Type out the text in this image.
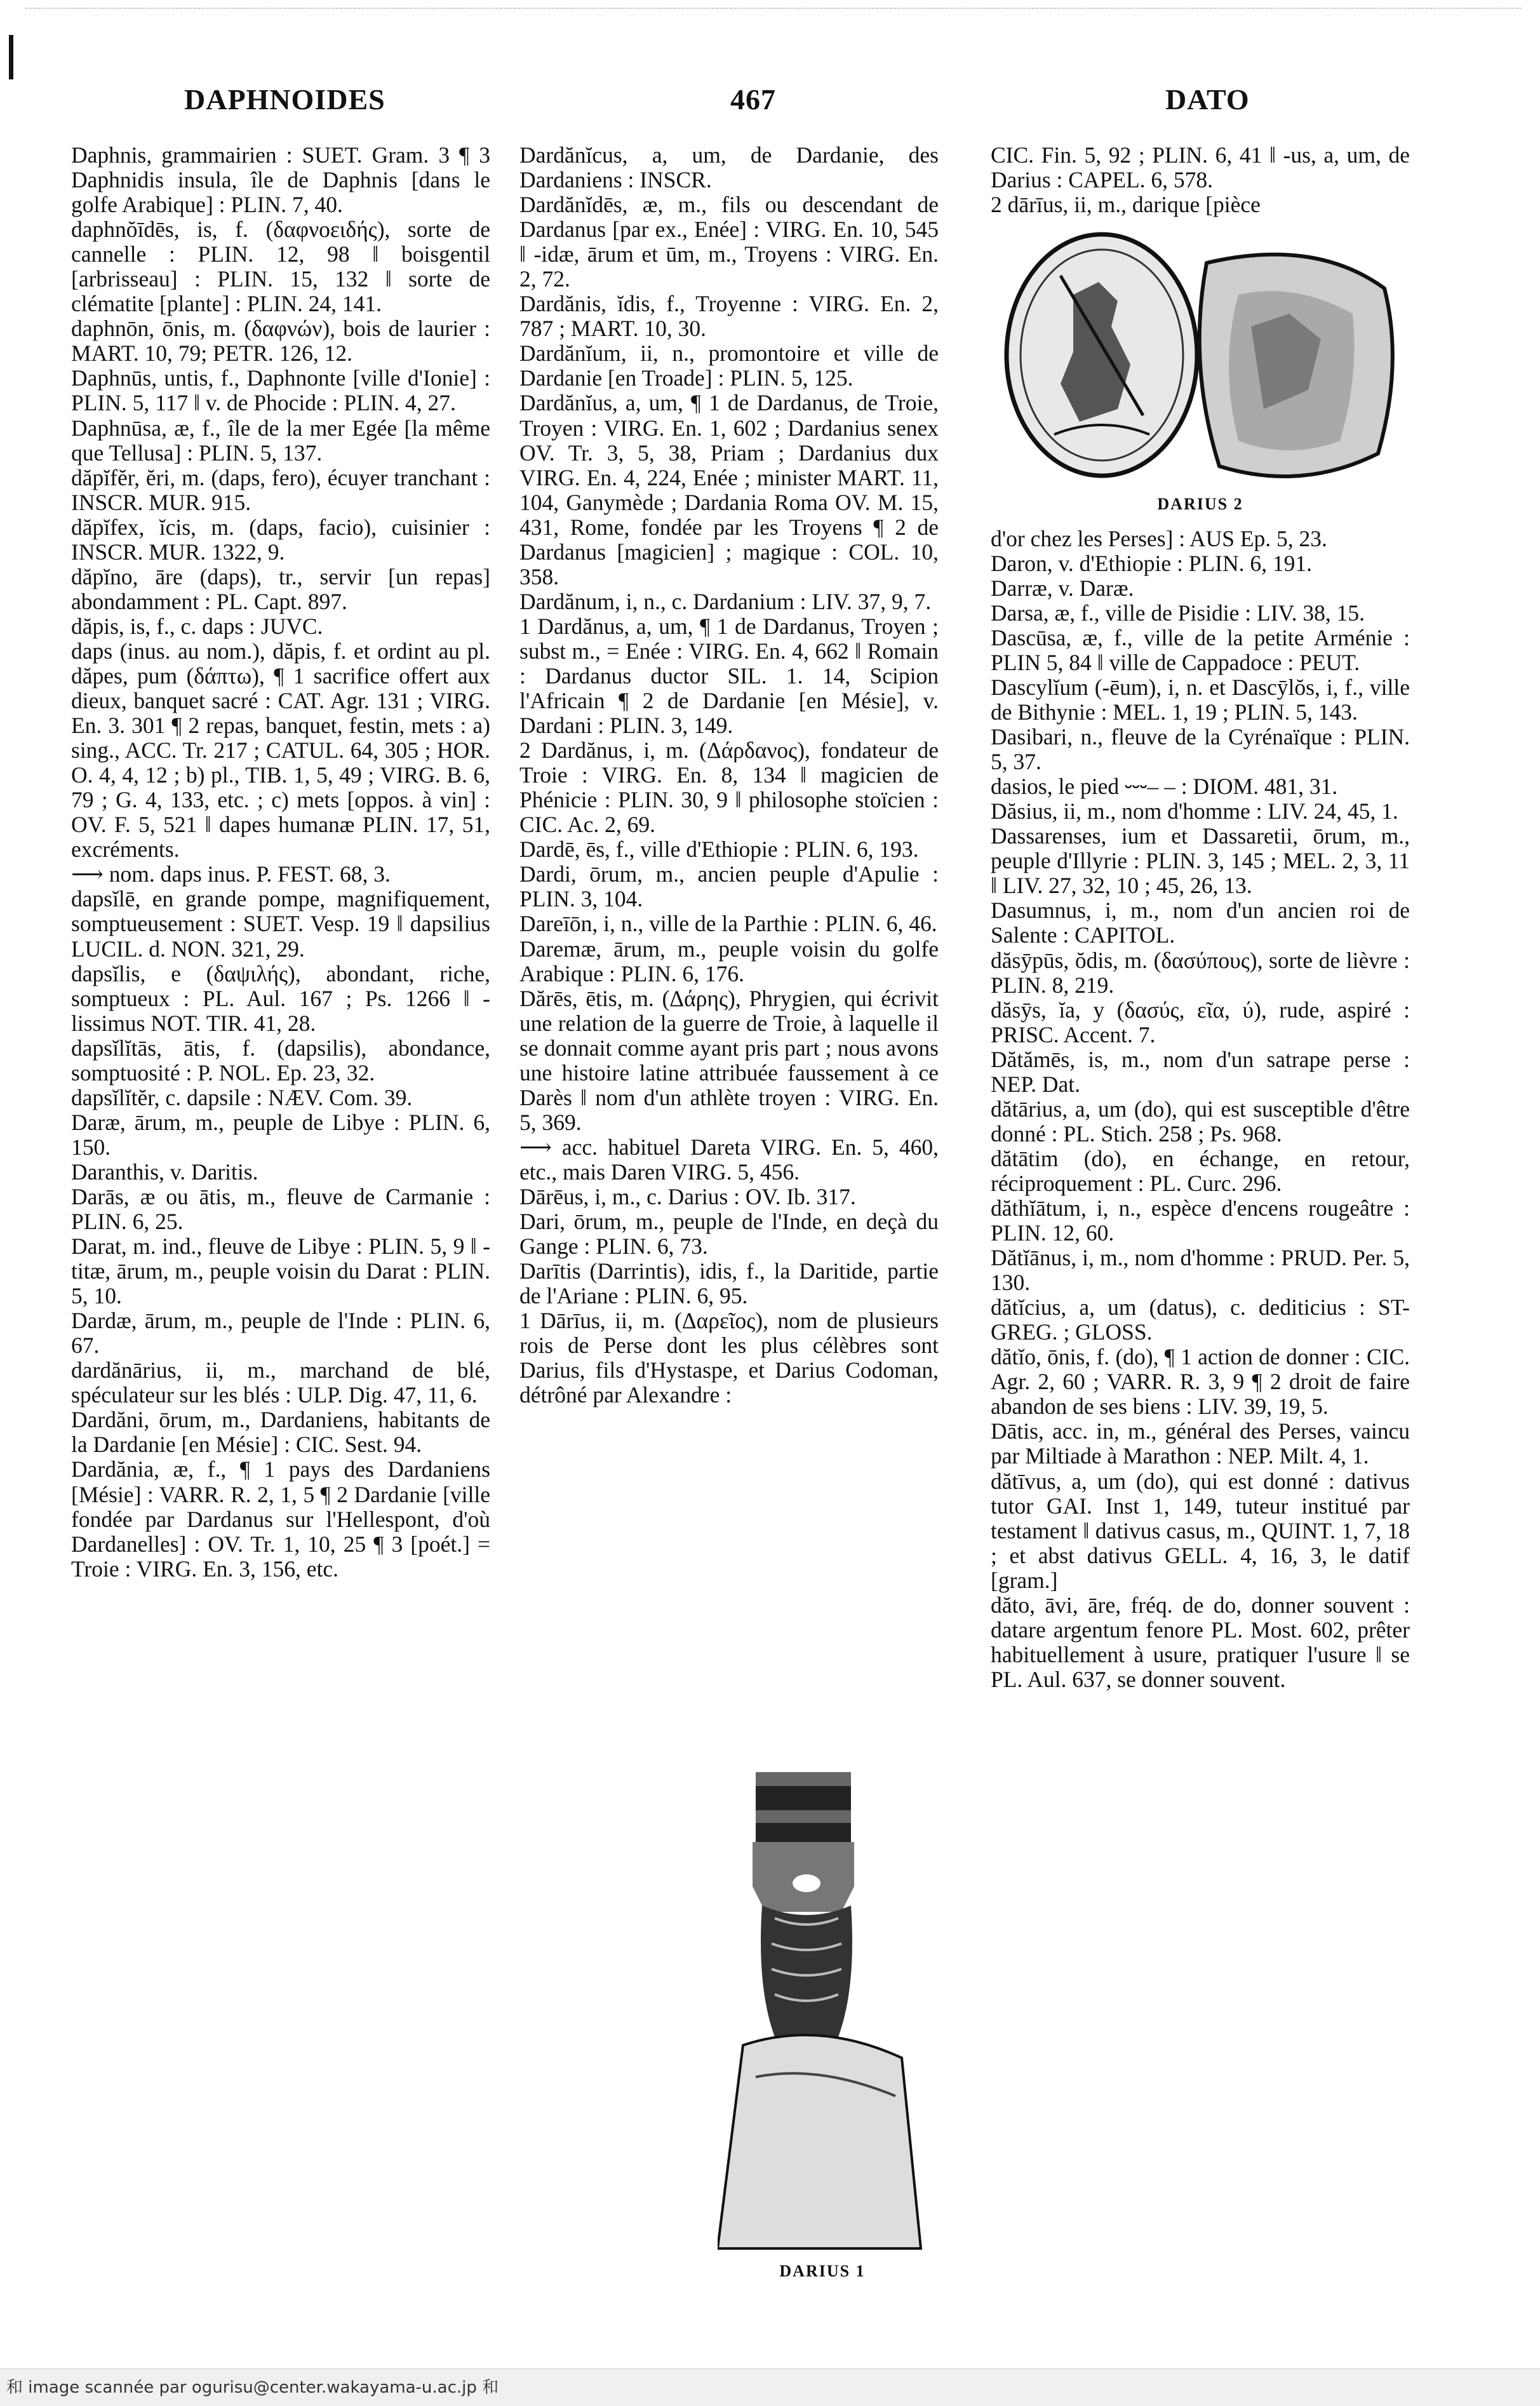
DAPHNOIDES	467	DATO

Daphnis, grammairien : SUET. Gram. 3 ¶ 3 Daphnidis insula, île de Daphnis [dans le golfe Arabique] : PLIN. 7, 40.

daphnŏīdēs, is, f. (δαφνοειδής), sorte de cannelle : PLIN. 12, 98 ‖ boisgentil [arbrisseau] : PLIN. 15, 132 ‖ sorte de clématite [plante] : PLIN. 24, 141.

daphnōn, ōnis, m. (δαφνών), bois de laurier : MART. 10, 79; PETR. 126, 12.

Daphnūs, untis, f., Daphnonte [ville d'Ionie] : PLIN. 5, 117 ‖ v. de Phocide : PLIN. 4, 27.

Daphnūsa, æ, f., île de la mer Egée [la même que Tellusa] : PLIN. 5, 137.

dăpĭfĕr, ĕri, m. (daps, fero), écuyer tranchant : INSCR. MUR. 915.

dăpĭfex, ĭcis, m. (daps, facio), cuisinier : INSCR. MUR. 1322, 9.

dăpĭno, āre (daps), tr., servir [un repas] abondamment : PL. Capt. 897.

dăpis, is, f., c. daps : JUVC.

daps (inus. au nom.), dăpis, f. et ordint au pl. dăpes, pum (δάπτω), ¶ 1 sacrifice offert aux dieux, banquet sacré : CAT. Agr. 131 ; VIRG. En. 3. 301 ¶ 2 repas, banquet, festin, mets : a) sing., ACC. Tr. 217 ; CATUL. 64, 305 ; HOR. O. 4, 4, 12 ; b) pl., TIB. 1, 5, 49 ; VIRG. B. 6, 79 ; G. 4, 133, etc. ; c) mets [oppos. à vin] : OV. F. 5, 521 ‖ dapes humanæ PLIN. 17, 51, excréments.

⟶ nom. daps inus. P. FEST. 68, 3.

dapsĭlē, en grande pompe, magnifiquement, somptueusement : SUET. Vesp. 19 ‖ dapsilius LUCIL. d. NON. 321, 29.

dapsĭlis, e (δαψιλής), abondant, riche, somptueux : PL. Aul. 167 ; Ps. 1266 ‖ -lissimus NOT. TIR. 41, 28.

dapsĭlĭtās, ātis, f. (dapsilis), abondance, somptuosité : P. NOL. Ep. 23, 32.

dapsĭlĭtĕr, c. dapsile : NÆV. Com. 39.

Daræ, ārum, m., peuple de Libye : PLIN. 6, 150.

Daranthis, v. Daritis.

Darās, æ ou ātis, m., fleuve de Carmanie : PLIN. 6, 25.

Darat, m. ind., fleuve de Libye : PLIN. 5, 9 ‖ -titæ, ārum, m., peuple voisin du Darat : PLIN. 5, 10.

Dardæ, ārum, m., peuple de l'Inde : PLIN. 6, 67.

dardănārius, ii, m., marchand de blé, spéculateur sur les blés : ULP. Dig. 47, 11, 6.

Dardăni, ōrum, m., Dardaniens, habitants de la Dardanie [en Mésie] : CIC. Sest. 94.

Dardănia, æ, f., ¶ 1 pays des Dardaniens [Mésie] : VARR. R. 2, 1, 5 ¶ 2 Dardanie [ville fondée par Dardanus sur l'Hellespont, d'où Dardanelles] : OV. Tr. 1, 10, 25 ¶ 3 [poét.] = Troie : VIRG. En. 3, 156, etc.

Dardănĭcus, a, um, de Dardanie, des Dardaniens : INSCR.

Dardănĭdēs, æ, m., fils ou descendant de Dardanus [par ex., Enée] : VIRG. En. 10, 545 ‖ -idæ, ārum et ūm, m., Troyens : VIRG. En. 2, 72.

Dardănis, ĭdis, f., Troyenne : VIRG. En. 2, 787 ; MART. 10, 30.

Dardănĭum, ii, n., promontoire et ville de Dardanie [en Troade] : PLIN. 5, 125.

Dardănĭus, a, um, ¶ 1 de Dardanus, de Troie, Troyen : VIRG. En. 1, 602 ; Dardanius senex OV. Tr. 3, 5, 38, Priam ; Dardanius dux VIRG. En. 4, 224, Enée ; minister MART. 11, 104, Ganymède ; Dardania Roma OV. M. 15, 431, Rome, fondée par les Troyens ¶ 2 de Dardanus [magicien] ; magique : COL. 10, 358.

Dardănum, i, n., c. Dardanium : LIV. 37, 9, 7.

1 Dardănus, a, um, ¶ 1 de Dardanus, Troyen ; subst m., = Enée : VIRG. En. 4, 662 ‖ Romain : Dardanus ductor SIL. 1. 14, Scipion l'Africain ¶ 2 de Dardanie [en Mésie], v. Dardani : PLIN. 3, 149.

2 Dardănus, i, m. (Δάρδανος), fondateur de Troie : VIRG. En. 8, 134 ‖ magicien de Phénicie : PLIN. 30, 9 ‖ philosophe stoïcien : CIC. Ac. 2, 69.

Dardē, ēs, f., ville d'Ethiopie : PLIN. 6, 193.

Dardi, ōrum, m., ancien peuple d'Apulie : PLIN. 3, 104.

Dareīōn, i, n., ville de la Parthie : PLIN. 6, 46.

Daremæ, ārum, m., peuple voisin du golfe Arabique : PLIN. 6, 176.

Dărēs, ētis, m. (Δάρης), Phrygien, qui écrivit une relation de la guerre de Troie, à laquelle il se donnait comme ayant pris part ; nous avons une histoire latine attribuée faussement à ce Darès ‖ nom d'un athlète troyen : VIRG. En. 5, 369.

⟶ acc. habituel Dareta VIRG. En. 5, 460, etc., mais Daren VIRG. 5, 456.

Dārēus, i, m., c. Darius : OV. Ib. 317.

Dari, ōrum, m., peuple de l'Inde, en deçà du Gange : PLIN. 6, 73.

Darītis (Darrintis), idis, f., la Daritide, partie de l'Ariane : PLIN. 6, 95.

1 Dārīus, ii, m. (Δαρεῖος), nom de plusieurs rois de Perse dont les plus célèbres sont Darius, fils d'Hystaspe, et Darius Codoman, détrôné par Alexandre :

CIC. Fin. 5, 92 ; PLIN. 6, 41 ‖ -us, a, um, de Darius : CAPEL. 6, 578.

2 dārīus, ii, m., darique [pièce

DARIUS 2

d'or chez les Perses] : AUS Ep. 5, 23.

Daron, v. d'Ethiopie : PLIN. 6, 191.

Darræ, v. Daræ.

Darsa, æ, f., ville de Pisidie : LIV. 38, 15.

Dascūsa, æ, f., ville de la petite Arménie : PLIN 5, 84 ‖ ville de Cappadoce : PEUT.

Dascylĭum (-ēum), i, n. et Dascȳlŏs, i, f., ville de Bithynie : MEL. 1, 19 ; PLIN. 5, 143.

Dasibari, n., fleuve de la Cyrénaïque : PLIN. 5, 37.

dasios, le pied ⏑⏑⏑– – : DIOM. 481, 31.

Dăsius, ii, m., nom d'homme : LIV. 24, 45, 1.

Dassarenses, ium et Dassaretii, ōrum, m., peuple d'Illyrie : PLIN. 3, 145 ; MEL. 2, 3, 11 ‖ LIV. 27, 32, 10 ; 45, 26, 13.

Dasumnus, i, m., nom d'un ancien roi de Salente : CAPITOL.

dăsȳpūs, ŏdis, m. (δασύπους), sorte de lièvre : PLIN. 8, 219.

dăsȳs, ĭa, y (δασύς, εῖα, ύ), rude, aspiré : PRISC. Accent. 7.

Dătămēs, is, m., nom d'un satrape perse : NEP. Dat.

dătārius, a, um (do), qui est susceptible d'être donné : PL. Stich. 258 ; Ps. 968.

dătātim (do), en échange, en retour, réciproquement : PL. Curc. 296.

dăthĭātum, i, n., espèce d'encens rougeâtre : PLIN. 12, 60.

Dătĭānus, i, m., nom d'homme : PRUD. Per. 5, 130.

dătĭcius, a, um (datus), c. dediticius : ST-GREG. ; GLOSS.

dătĭo, ōnis, f. (do), ¶ 1 action de donner : CIC. Agr. 2, 60 ; VARR. R. 3, 9 ¶ 2 droit de faire abandon de ses biens : LIV. 39, 19, 5.

Dātis, acc. in, m., général des Perses, vaincu par Miltiade à Marathon : NEP. Milt. 4, 1.

dătīvus, a, um (do), qui est donné : dativus tutor GAI. Inst 1, 149, tuteur institué par testament ‖ dativus casus, m., QUINT. 1, 7, 18 ; et abst dativus GELL. 4, 16, 3, le datif [gram.]

dăto, āvi, āre, fréq. de do, donner souvent : datare argentum fenore PL. Most. 602, prêter habituellement à usure, pratiquer l'usure ‖ se PL. Aul. 637, se donner souvent.

DARIUS 1
和 image scannée par ogurisu@center.wakayama-u.ac.jp 和
